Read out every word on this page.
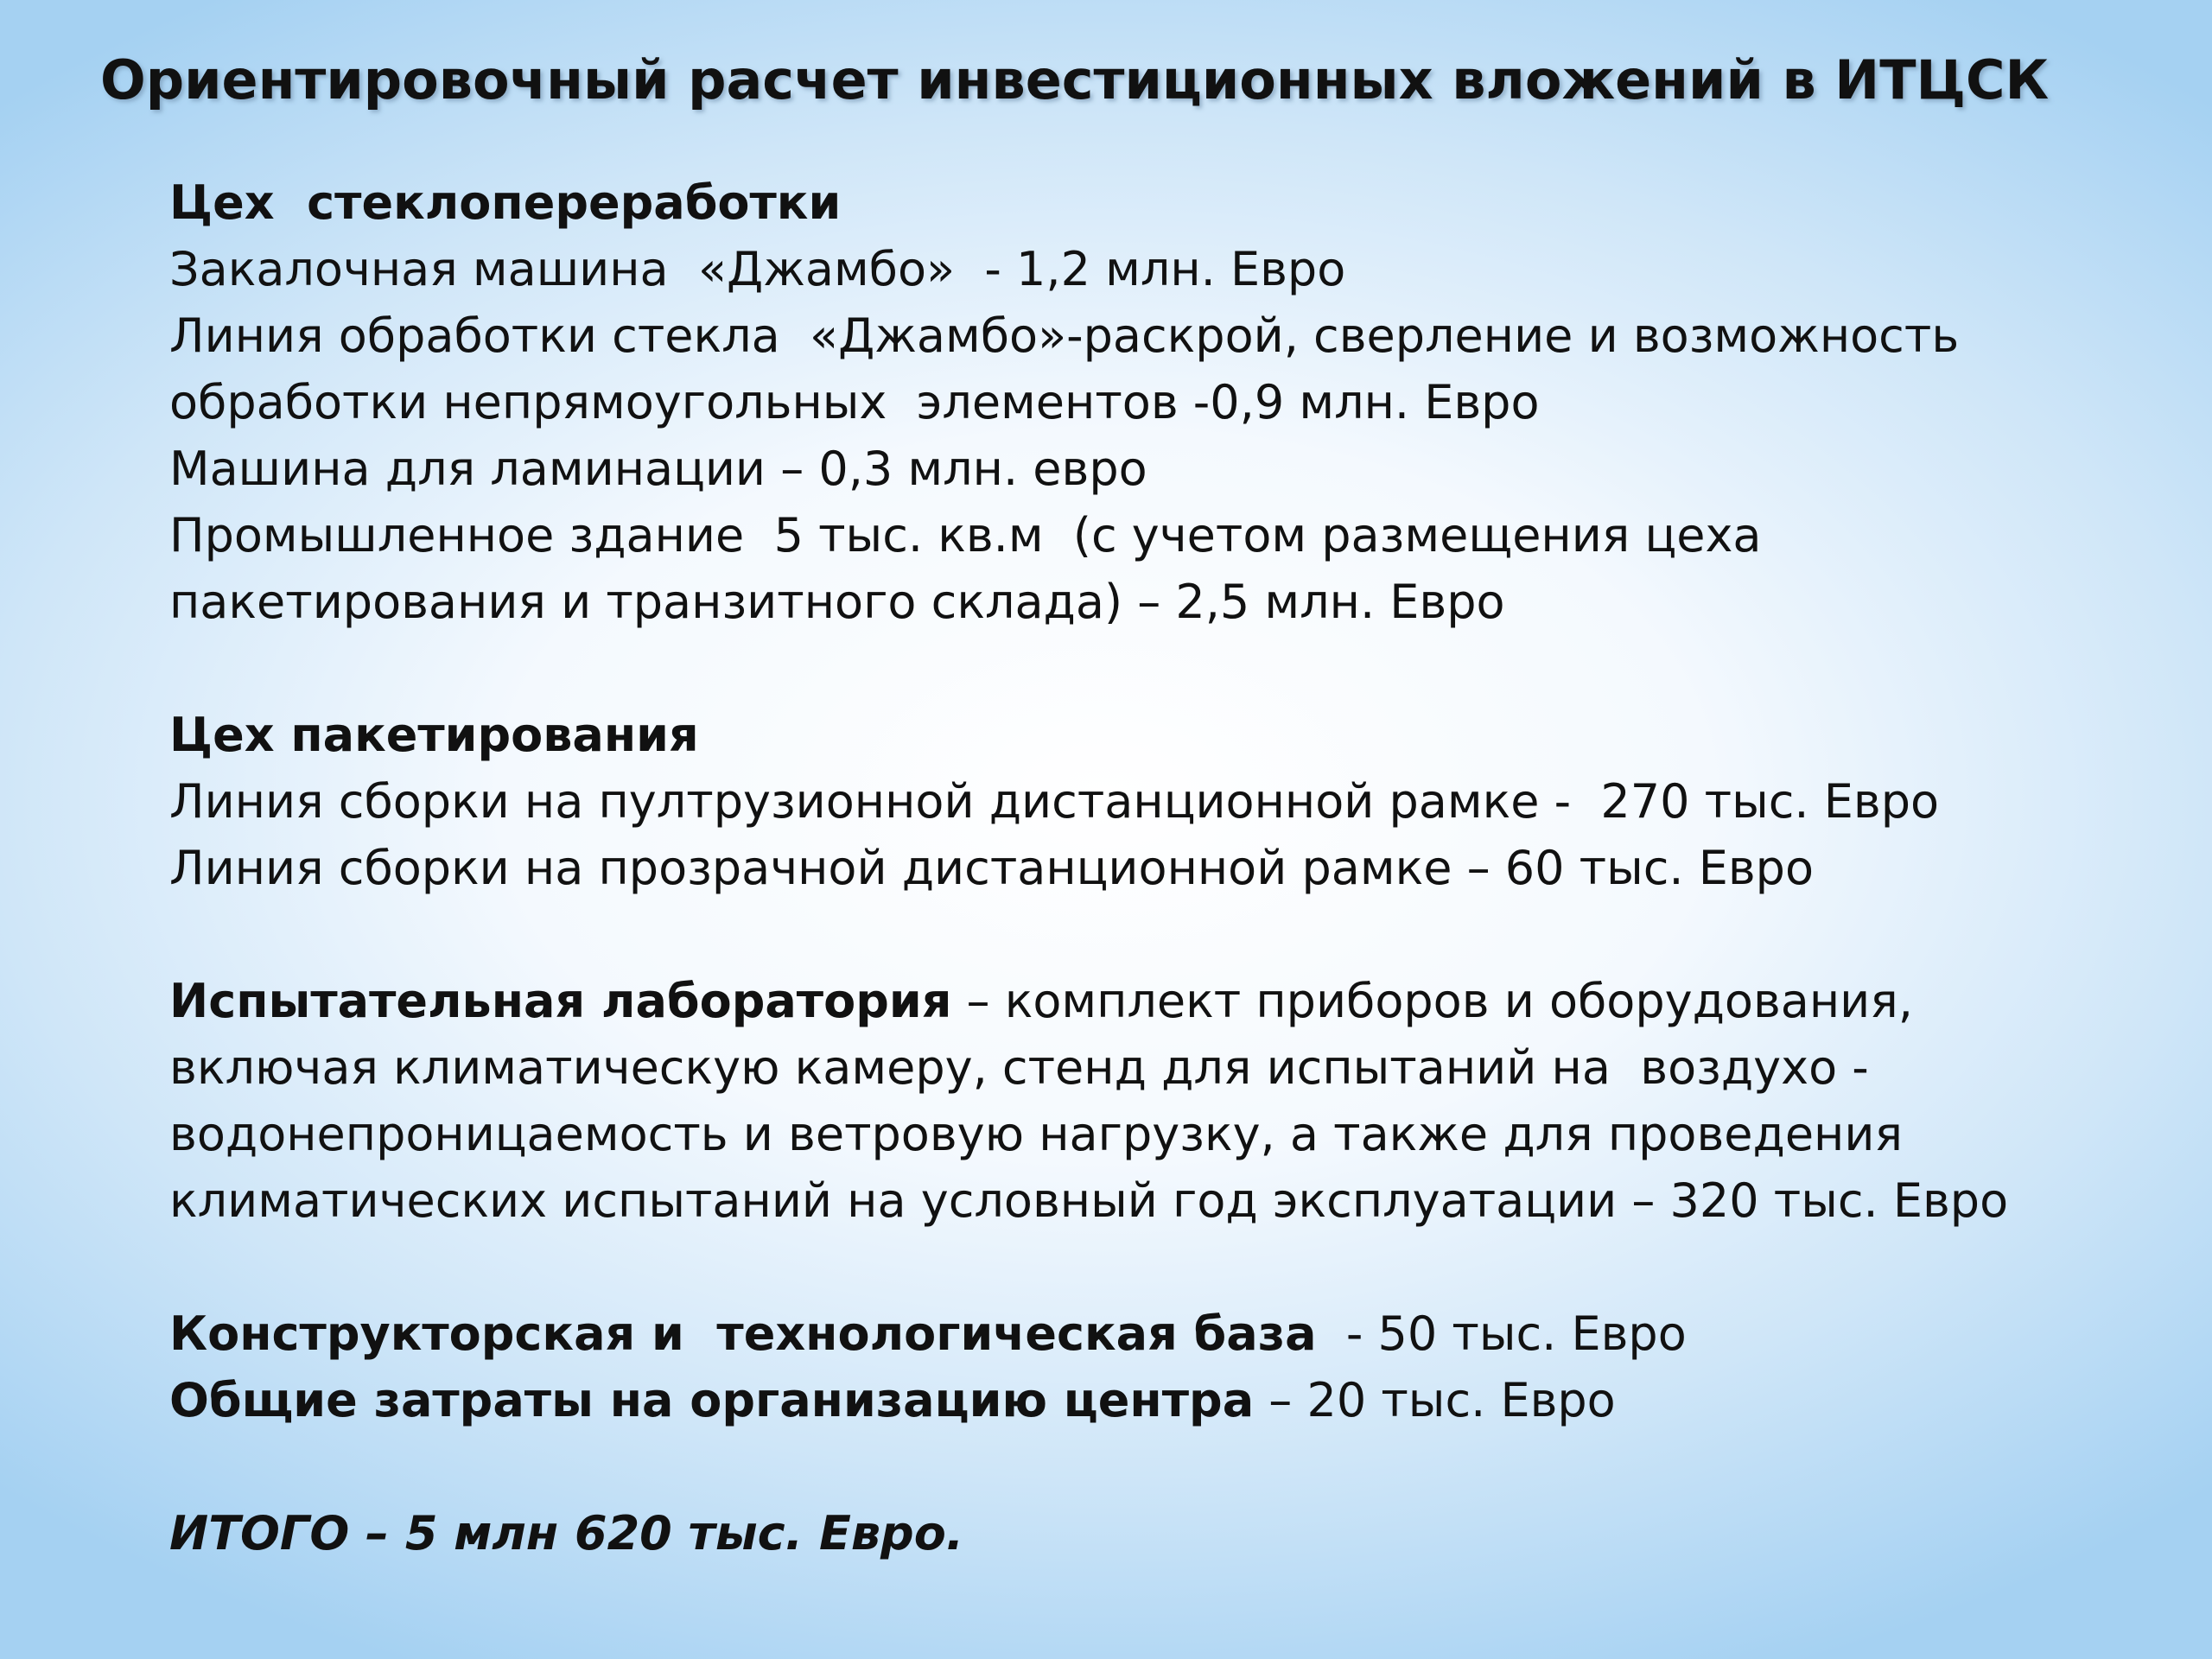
Ориентировочный расчет инвестиционных вложений в ИТЦСК
Цех  стеклопереработки
Закалочная машина  «Джамбо»  - 1,2 млн. Евро
Линия обработки стекла  «Джамбо»-раскрой, сверление и возможность
обработки непрямоугольных  элементов -0,9 млн. Евро
Машина для ламинации – 0,3 млн. евро
Промышленное здание  5 тыс. кв.м  (с учетом размещения цеха
пакетирования и транзитного склада) – 2,5 млн. Евро
Цех пакетирования
Линия сборки на пултрузионной дистанционной рамке -  270 тыс. Евро
Линия сборки на прозрачной дистанционной рамке – 60 тыс. Евро
Испытательная лаборатория – комплект приборов и оборудования,
включая климатическую камеру, стенд для испытаний на  воздухо -
водонепроницаемость и ветровую нагрузку, а также для проведения
климатических испытаний на условный год эксплуатации – 320 тыс. Евро
Конструкторская и  технологическая база  - 50 тыс. Евро
Общие затраты на организацию центра – 20 тыс. Евро
ИТОГО – 5 млн 620 тыс. Евро.
